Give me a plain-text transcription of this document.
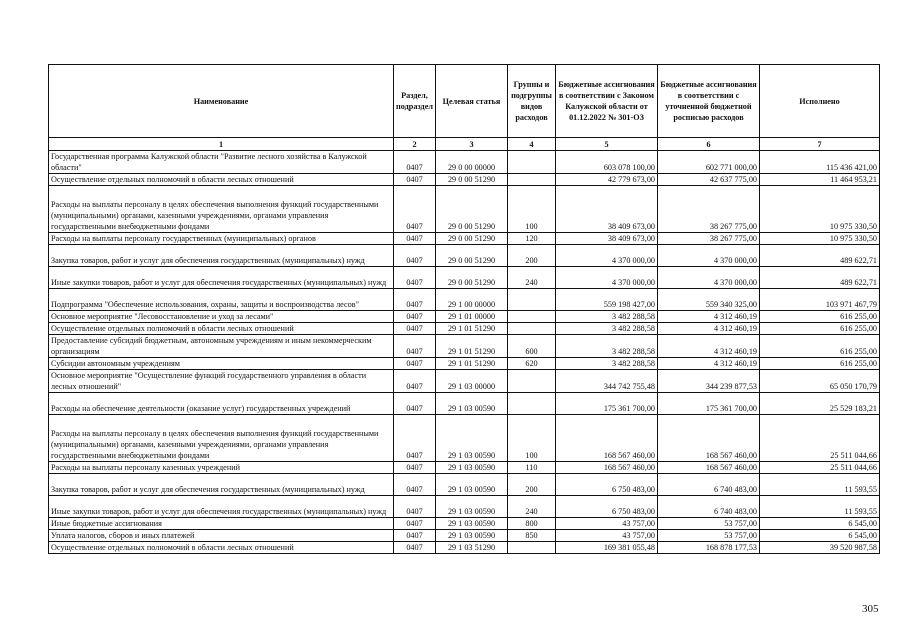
Наименование	Раздел, подраздел	Целевая статья	Группы и подгруппы видов расходов	Бюджетные ассигнования в соответствии с Законом Калужской области от 01.12.2022 № 301-ОЗ	Бюджетные ассигнования в соответствии с уточненной бюджетной росписью расходов	Исполнено
1	2	3	4	5	6	7
Государственная программа Калужской области "Развитие лесного хозяйства в Калужской области"	0407	29 0 00 00000		603 078 100,00	602 771 000,00	115 436 421,00
Осуществление отдельных полномочий в области лесных отношений	0407	29 0 00 51290		42 779 673,00	42 637 775,00	11 464 953,21
Расходы на выплаты персоналу в целях обеспечения выполнения функций государственными (муниципальными) органами, казенными учреждениями, органами управления государственными внебюджетными фондами	0407	29 0 00 51290	100	38 409 673,00	38 267 775,00	10 975 330,50
Расходы на выплаты персоналу государственных (муниципальных) органов	0407	29 0 00 51290	120	38 409 673,00	38 267 775,00	10 975 330,50
Закупка товаров, работ и услуг для обеспечения государственных (муниципальных) нужд	0407	29 0 00 51290	200	4 370 000,00	4 370 000,00	489 622,71
Иные закупки товаров, работ и услуг для обеспечения государственных (муниципальных) нужд	0407	29 0 00 51290	240	4 370 000,00	4 370 000,00	489 622,71
Подпрограмма "Обеспечение использования, охраны, защиты и воспроизводства лесов"	0407	29 1 00 00000		559 198 427,00	559 340 325,00	103 971 467,79
Основное мероприятие "Лесовосстановление и уход за лесами"	0407	29 1 01 00000		3 482 288,58	4 312 460,19	616 255,00
Осуществление отдельных полномочий в области лесных отношений	0407	29 1 01 51290		3 482 288,58	4 312 460,19	616 255,00
Предоставление субсидий бюджетным, автономным учреждениям и иным некоммерческим организациям	0407	29 1 01 51290	600	3 482 288,58	4 312 460,19	616 255,00
Субсидии автономным учреждениям	0407	29 1 01 51290	620	3 482 288,58	4 312 460,19	616 255,00
Основное мероприятие "Осуществление функций государственного управления в области лесных отношений"	0407	29 1 03 00000		344 742 755,48	344 239 877,53	65 050 170,79
Расходы на обеспечение деятельности (оказание услуг) государственных учреждений	0407	29 1 03 00590		175 361 700,00	175 361 700,00	25 529 183,21
Расходы на выплаты персоналу в целях обеспечения выполнения функций государственными (муниципальными) органами, казенными учреждениями, органами управления государственными внебюджетными фондами	0407	29 1 03 00590	100	168 567 460,00	168 567 460,00	25 511 044,66
Расходы на выплаты персоналу казенных учреждений	0407	29 1 03 00590	110	168 567 460,00	168 567 460,00	25 511 044,66
Закупка товаров, работ и услуг для обеспечения государственных (муниципальных) нужд	0407	29 1 03 00590	200	6 750 483,00	6 740 483,00	11 593,55
Иные закупки товаров, работ и услуг для обеспечения государственных (муниципальных) нужд	0407	29 1 03 00590	240	6 750 483,00	6 740 483,00	11 593,55
Иные бюджетные ассигнования	0407	29 1 03 00590	800	43 757,00	53 757,00	6 545,00
Уплата налогов, сборов и иных платежей	0407	29 1 03 00590	850	43 757,00	53 757,00	6 545,00
Осуществление отдельных полномочий в области лесных отношений	0407	29 1 03 51290		169 381 055,48	168 878 177,53	39 520 987,58
305
